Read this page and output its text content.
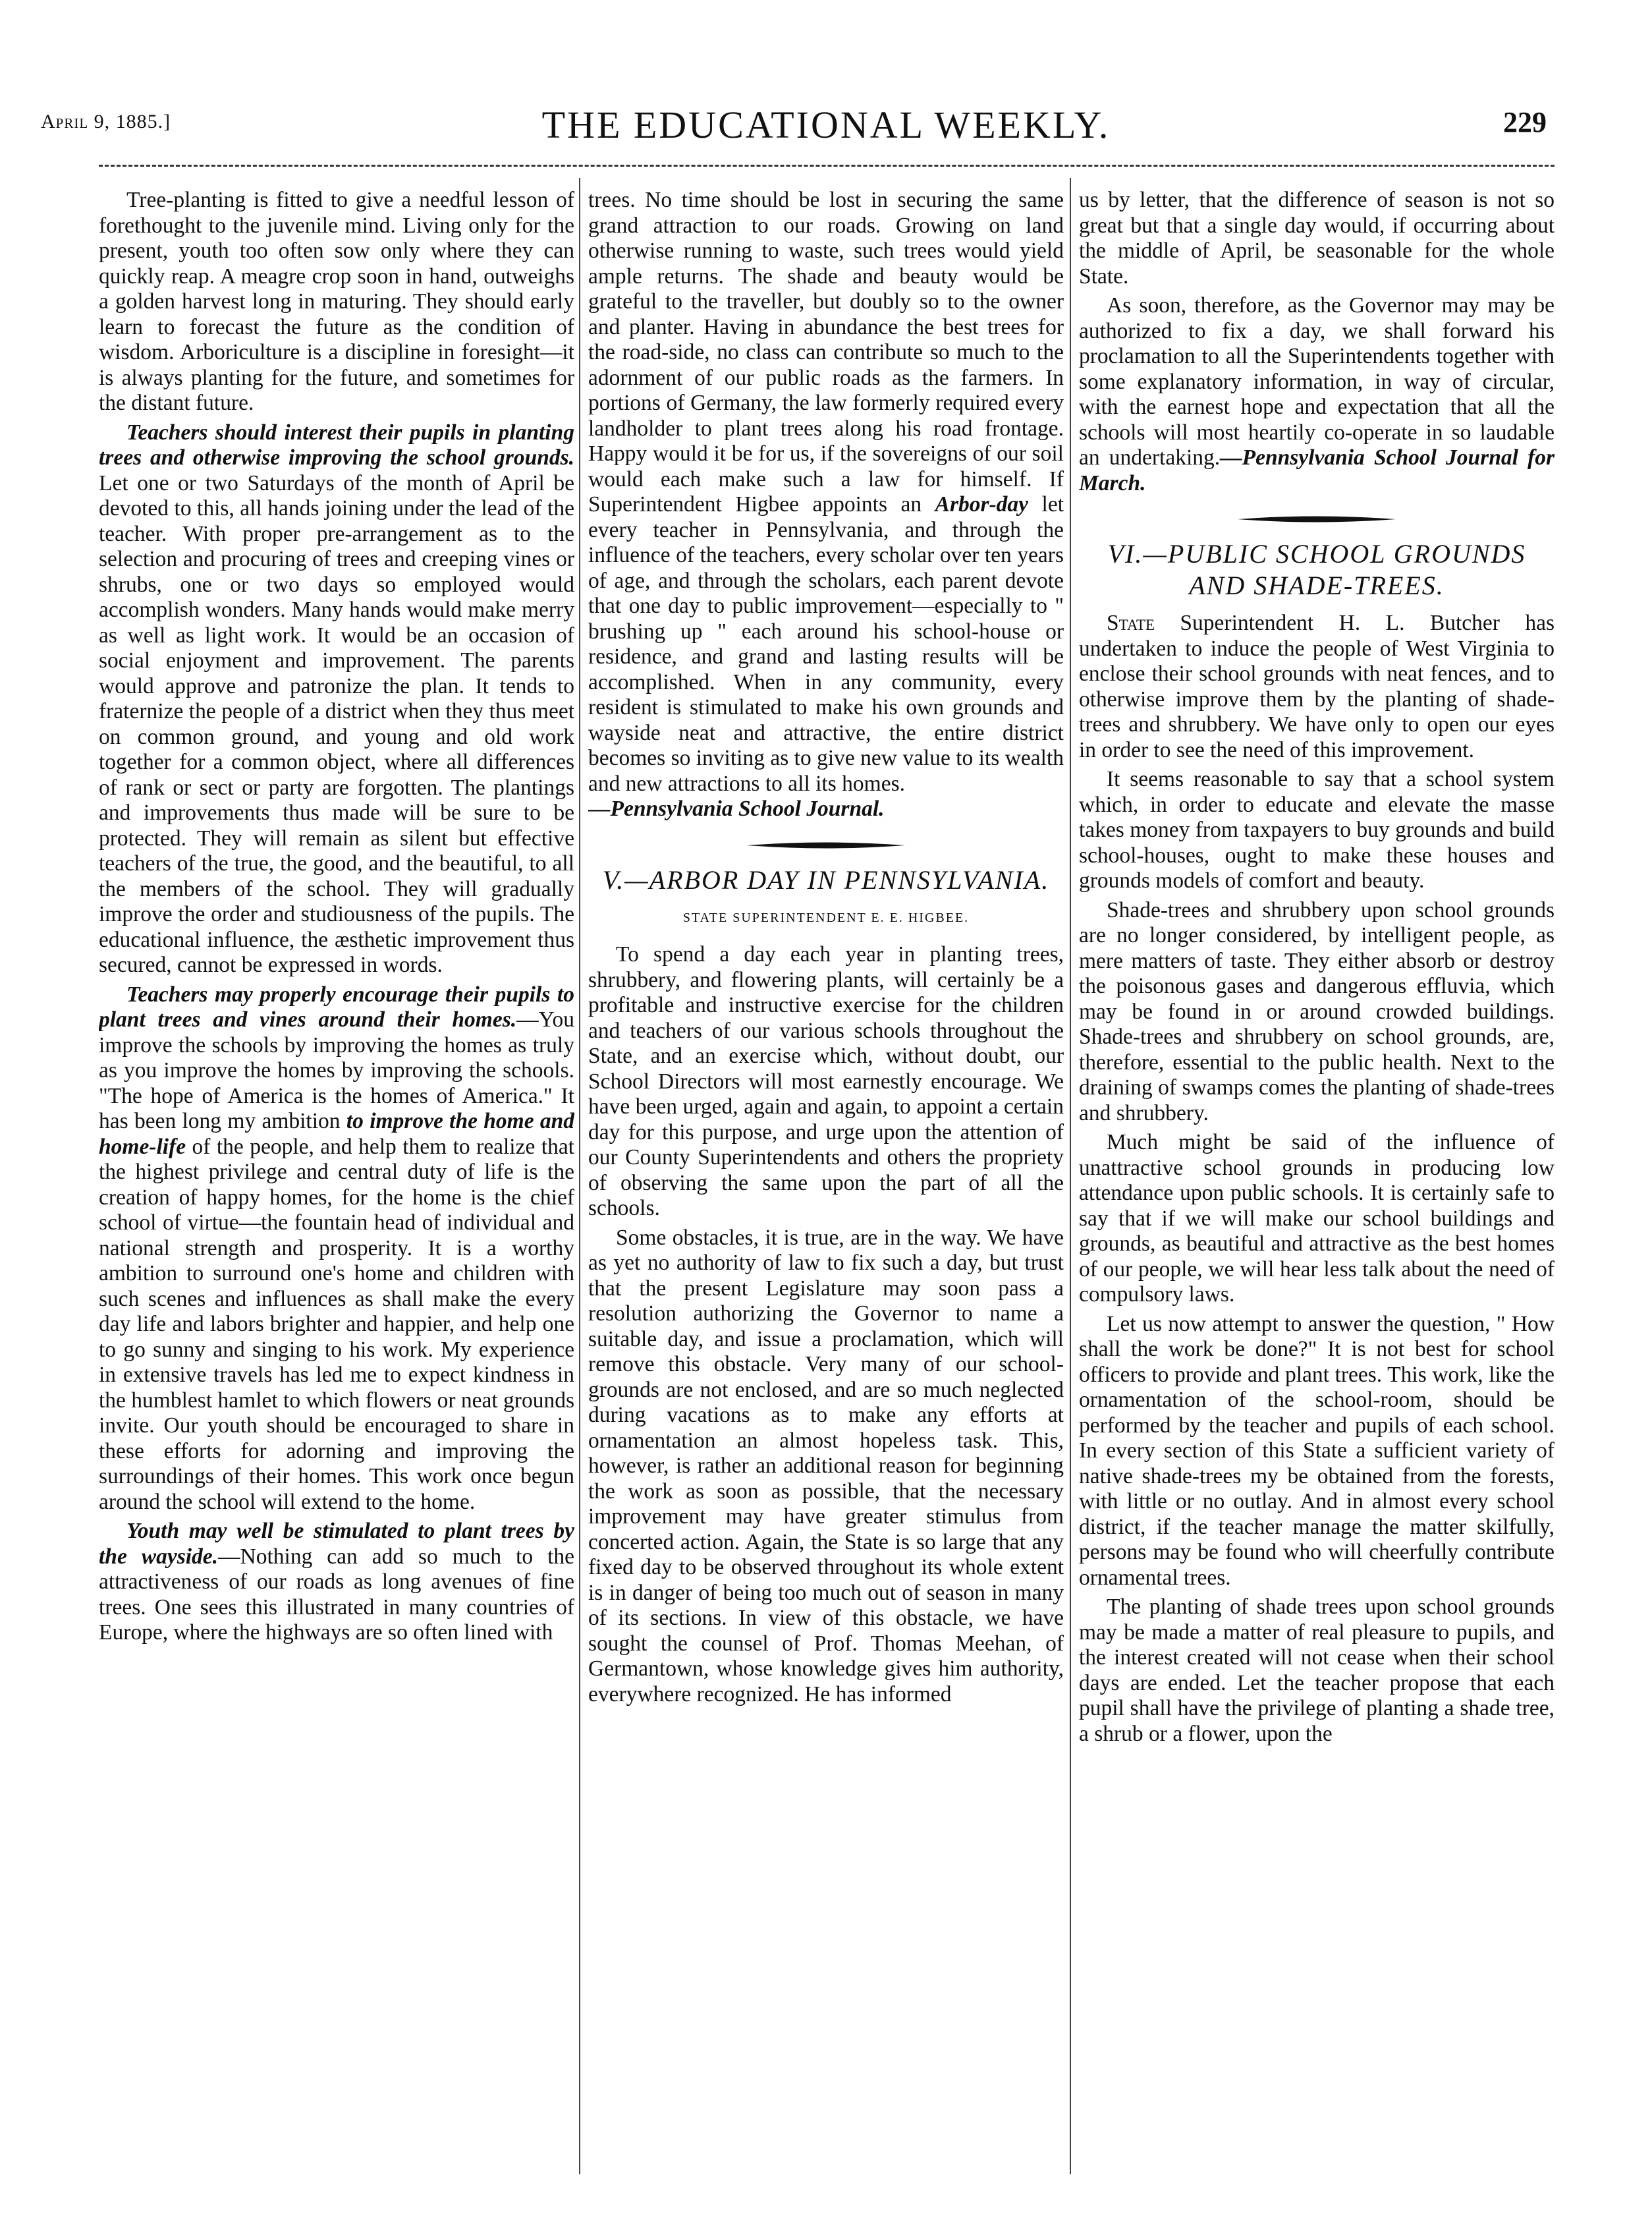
April 9, 1885.]	THE EDUCATIONAL WEEKLY.	229

Tree-planting is fitted to give a needful lesson of forethought to the juvenile mind. Living only for the present, youth too often sow only where they can quickly reap. A meagre crop soon in hand, outweighs a golden harvest long in maturing. They should early learn to forecast the future as the condition of wisdom. Arboriculture is a discipline in foresight—it is always planting for the future, and sometimes for the distant future.

Teachers should interest their pupils in planting trees and otherwise improving the school grounds. Let one or two Saturdays of the month of April be devoted to this, all hands joining under the lead of the teacher. With proper pre-arrangement as to the selection and procuring of trees and creeping vines or shrubs, one or two days so employed would accomplish wonders. Many hands would make merry as well as light work. It would be an occasion of social enjoyment and improvement. The parents would approve and patronize the plan. It tends to fraternize the people of a district when they thus meet on common ground, and young and old work together for a common object, where all differences of rank or sect or party are forgotten. The plantings and improvements thus made will be sure to be protected. They will remain as silent but effective teachers of the true, the good, and the beautiful, to all the members of the school. They will gradually improve the order and studiousness of the pupils. The educational influence, the æsthetic improvement thus secured, cannot be expressed in words.

Teachers may properly encourage their pupils to plant trees and vines around their homes.—You improve the schools by improving the homes as truly as you improve the homes by improving the schools. "The hope of America is the homes of America." It has been long my ambition to improve the home and home-life of the people, and help them to realize that the highest privilege and central duty of life is the creation of happy homes, for the home is the chief school of virtue—the fountain head of individual and national strength and prosperity. It is a worthy ambition to surround one's home and children with such scenes and influences as shall make the every day life and labors brighter and happier, and help one to go sunny and singing to his work. My experience in extensive travels has led me to expect kindness in the humblest hamlet to which flowers or neat grounds invite. Our youth should be encouraged to share in these efforts for adorning and improving the surroundings of their homes. This work once begun around the school will extend to the home.

Youth may well be stimulated to plant trees by the wayside.—Nothing can add so much to the attractiveness of our roads as long avenues of fine trees. One sees this illustrated in many countries of Europe, where the highways are so often lined with

trees. No time should be lost in securing the same grand attraction to our roads. Growing on land otherwise running to waste, such trees would yield ample returns. The shade and beauty would be grateful to the traveller, but doubly so to the owner and planter. Having in abundance the best trees for the road-side, no class can contribute so much to the adornment of our public roads as the farmers. In portions of Germany, the law formerly required every landholder to plant trees along his road frontage. Happy would it be for us, if the sovereigns of our soil would each make such a law for himself. If Superintendent Higbee appoints an Arbor-day let every teacher in Pennsylvania, and through the influence of the teachers, every scholar over ten years of age, and through the scholars, each parent devote that one day to public improvement—especially to " brushing up " each around his school-house or residence, and grand and lasting results will be accomplished. When in any community, every resident is stimulated to make his own grounds and wayside neat and attractive, the entire district becomes so inviting as to give new value to its wealth and new attractions to all its homes.
—Pennsylvania School Journal.

V.—ARBOR DAY IN PENNSYLVANIA.
STATE SUPERINTENDENT E. E. HIGBEE.

To spend a day each year in planting trees, shrubbery, and flowering plants, will certainly be a profitable and instructive exercise for the children and teachers of our various schools throughout the State, and an exercise which, without doubt, our School Directors will most earnestly encourage. We have been urged, again and again, to appoint a certain day for this purpose, and urge upon the attention of our County Superintendents and others the propriety of observing the same upon the part of all the schools.

Some obstacles, it is true, are in the way. We have as yet no authority of law to fix such a day, but trust that the present Legislature may soon pass a resolution authorizing the Governor to name a suitable day, and issue a proclamation, which will remove this obstacle. Very many of our school-grounds are not enclosed, and are so much neglected during vacations as to make any efforts at ornamentation an almost hopeless task. This, however, is rather an additional reason for beginning the work as soon as possible, that the necessary improvement may have greater stimulus from concerted action. Again, the State is so large that any fixed day to be observed throughout its whole extent is in danger of being too much out of season in many of its sections. In view of this obstacle, we have sought the counsel of Prof. Thomas Meehan, of Germantown, whose knowledge gives him authority, everywhere recognized. He has informed

us by letter, that the difference of season is not so great but that a single day would, if occurring about the middle of April, be seasonable for the whole State.

As soon, therefore, as the Governor may may be authorized to fix a day, we shall forward his proclamation to all the Superintendents together with some explanatory information, in way of circular, with the earnest hope and expectation that all the schools will most heartily co-operate in so laudable an undertaking.—Pennsylvania School Journal for March.

VI.—PUBLIC SCHOOL GROUNDS AND SHADE-TREES.

State Superintendent H. L. Butcher has undertaken to induce the people of West Virginia to enclose their school grounds with neat fences, and to otherwise improve them by the planting of shade-trees and shrubbery. We have only to open our eyes in order to see the need of this improvement.

It seems reasonable to say that a school system which, in order to educate and elevate the masse takes money from taxpayers to buy grounds and build school-houses, ought to make these houses and grounds models of comfort and beauty.

Shade-trees and shrubbery upon school grounds are no longer considered, by intelligent people, as mere matters of taste. They either absorb or destroy the poisonous gases and dangerous effluvia, which may be found in or around crowded buildings. Shade-trees and shrubbery on school grounds, are, therefore, essential to the public health. Next to the draining of swamps comes the planting of shade-trees and shrubbery.

Much might be said of the influence of unattractive school grounds in producing low attendance upon public schools. It is certainly safe to say that if we will make our school buildings and grounds, as beautiful and attractive as the best homes of our people, we will hear less talk about the need of compulsory laws.

Let us now attempt to answer the question, " How shall the work be done?" It is not best for school officers to provide and plant trees. This work, like the ornamentation of the school-room, should be performed by the teacher and pupils of each school. In every section of this State a sufficient variety of native shade-trees my be obtained from the forests, with little or no outlay. And in almost every school district, if the teacher manage the matter skilfully, persons may be found who will cheerfully contribute ornamental trees.

The planting of shade trees upon school grounds may be made a matter of real pleasure to pupils, and the interest created will not cease when their school days are ended. Let the teacher propose that each pupil shall have the privilege of planting a shade tree, a shrub or a flower, upon the
